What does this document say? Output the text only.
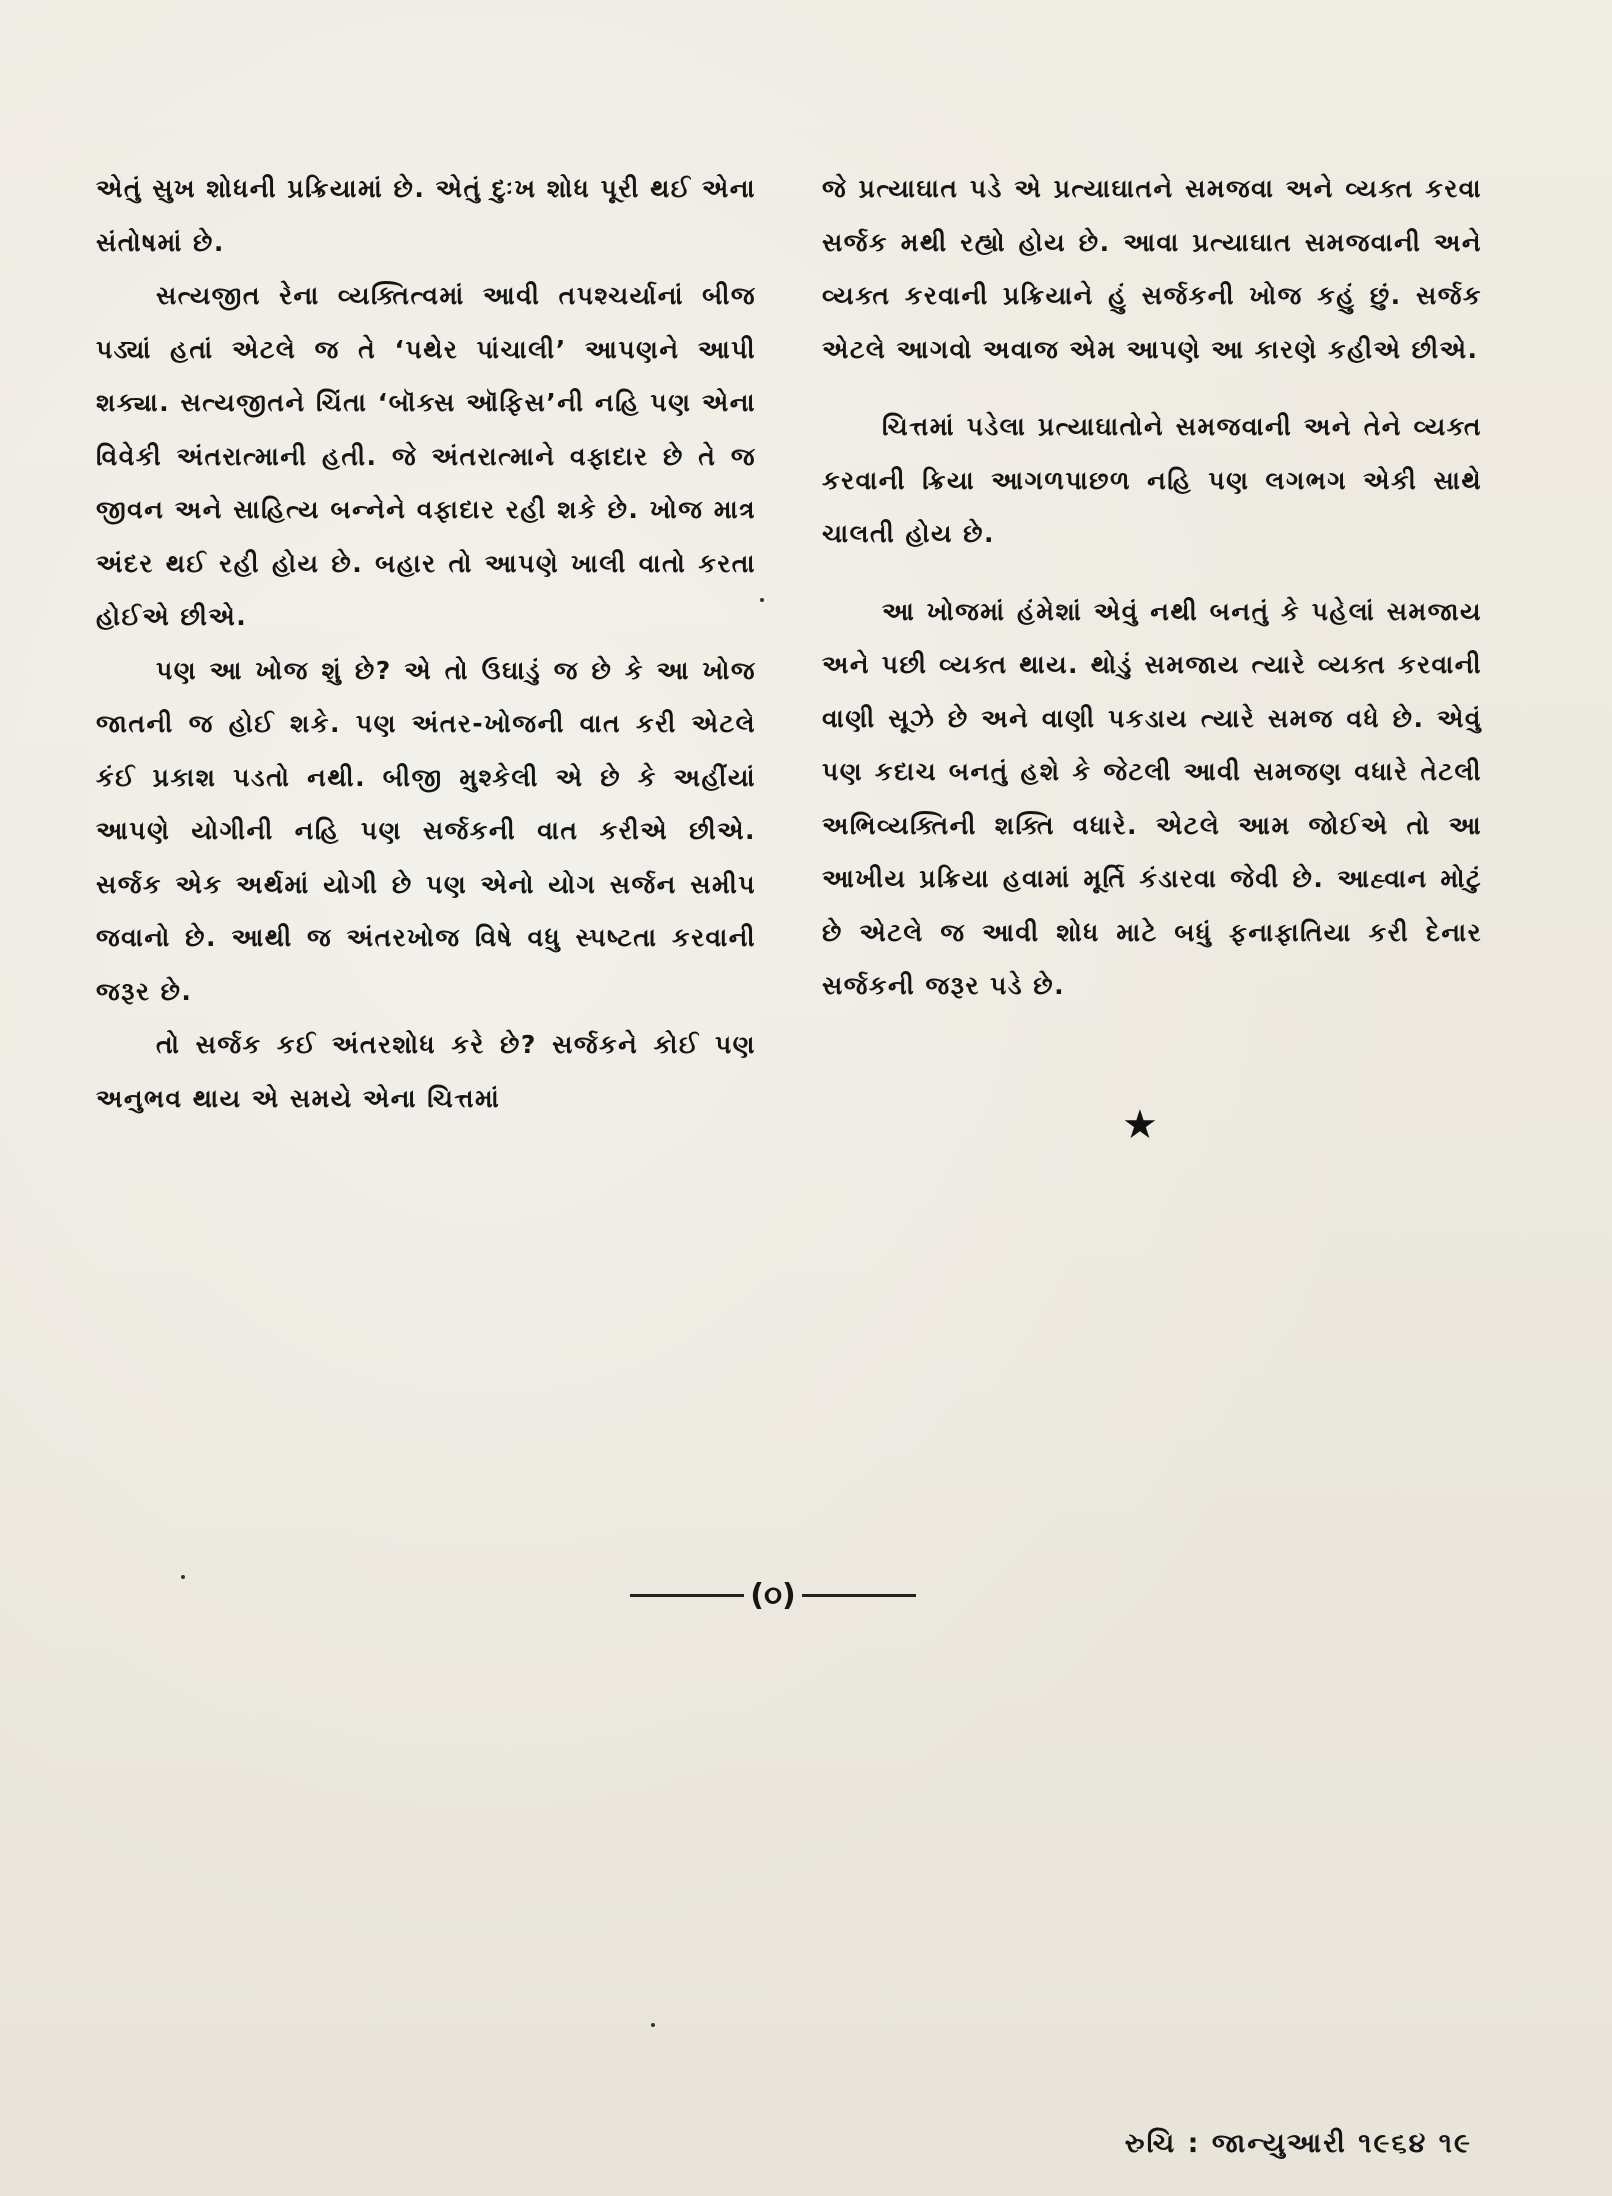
એતું સુખ શોધની પ્રક્રિયામાં છે. એતું દુઃખ શોધ પૂરી થઈ એના સંતોષમાં છે.

સત્યજીત રેના વ્યક્તિત્વમાં આવી તપશ્ચર્યાનાં બીજ પડ્યાં હતાં એટલે જ તે ‘પથેર પાંચાલી’ આપણને આપી શક્યા. સત્યજીતને ચિંતા ‘બૉક્સ ઑફિસ’ની નહિ પણ એના વિવેકી અંતરાત્માની હતી. જે અંતરાત્માને વફાદાર છે તે જ જીવન અને સાહિત્ય બન્નેને વફાદાર રહી શકે છે. ખોજ માત્ર અંદર થઈ રહી હોય છે. બહાર તો આપણે ખાલી વાતો કરતા હોઈએ છીએ.

પણ આ ખોજ શું છે? એ તો ઉઘાડું જ છે કે આ ખોજ જાતની જ હોઈ શકે. પણ અંતર-ખોજની વાત કરી એટલે કંઈ પ્રકાશ પડતો નથી. બીજી મુશ્કેલી એ છે કે અહીંયાં આપણે યોગીની નહિ પણ સર્જકની વાત કરીએ છીએ. સર્જક એક અર્થમાં યોગી છે પણ એનો યોગ સર્જન સમીપ જવાનો છે. આથી જ અંતરખોજ વિષે વધુ સ્પષ્ટતા કરવાની જરૂર છે.

તો સર્જક કઈ અંતરશોધ કરે છે? સર્જકને કોઈ પણ અનુભવ થાય એ સમયે એના ચિત્તમાં

જે પ્રત્યાઘાત પડે એ પ્રત્યાઘાતને સમજવા અને વ્યક્ત કરવા સર્જક મથી રહ્યો હોય છે. આવા પ્રત્યાઘાત સમજવાની અને વ્યક્ત કરવાની પ્રક્રિયાને હું સર્જકની ખોજ કહું છું. સર્જક એટલે આગવો અવાજ એમ આપણે આ કારણે કહીએ છીએ.

ચિત્તમાં પડેલા પ્રત્યાઘાતોને સમજવાની અને તેને વ્યક્ત કરવાની ક્રિયા આગળપાછળ નહિ પણ લગભગ એકી સાથે ચાલતી હોય છે.

આ ખોજમાં હંમેશાં એવું નથી બનતું કે પહેલાં સમજાય અને પછી વ્યક્ત થાય. થોડું સમજાય ત્યારે વ્યક્ત કરવાની વાણી સૂઝે છે અને વાણી પકડાય ત્યારે સમજ વધે છે. એવું પણ કદાચ બનતું હશે કે જેટલી આવી સમજણ વધારે તેટલી અભિવ્યક્તિની શક્તિ વધારે. એટલે આમ જોઈએ તો આ આખીય પ્રક્રિયા હવામાં મૂર્તિ કંડારવા જેવી છે. આહ્વાન મોટું છે એટલે જ આવી શોધ માટે બધું ફનાફાતિયા કરી દેનાર સર્જકની જરૂર પડે છે.

★
(૦)
રુચિ : જાન્યુઆરી ૧૯૬૪ ૧૯
